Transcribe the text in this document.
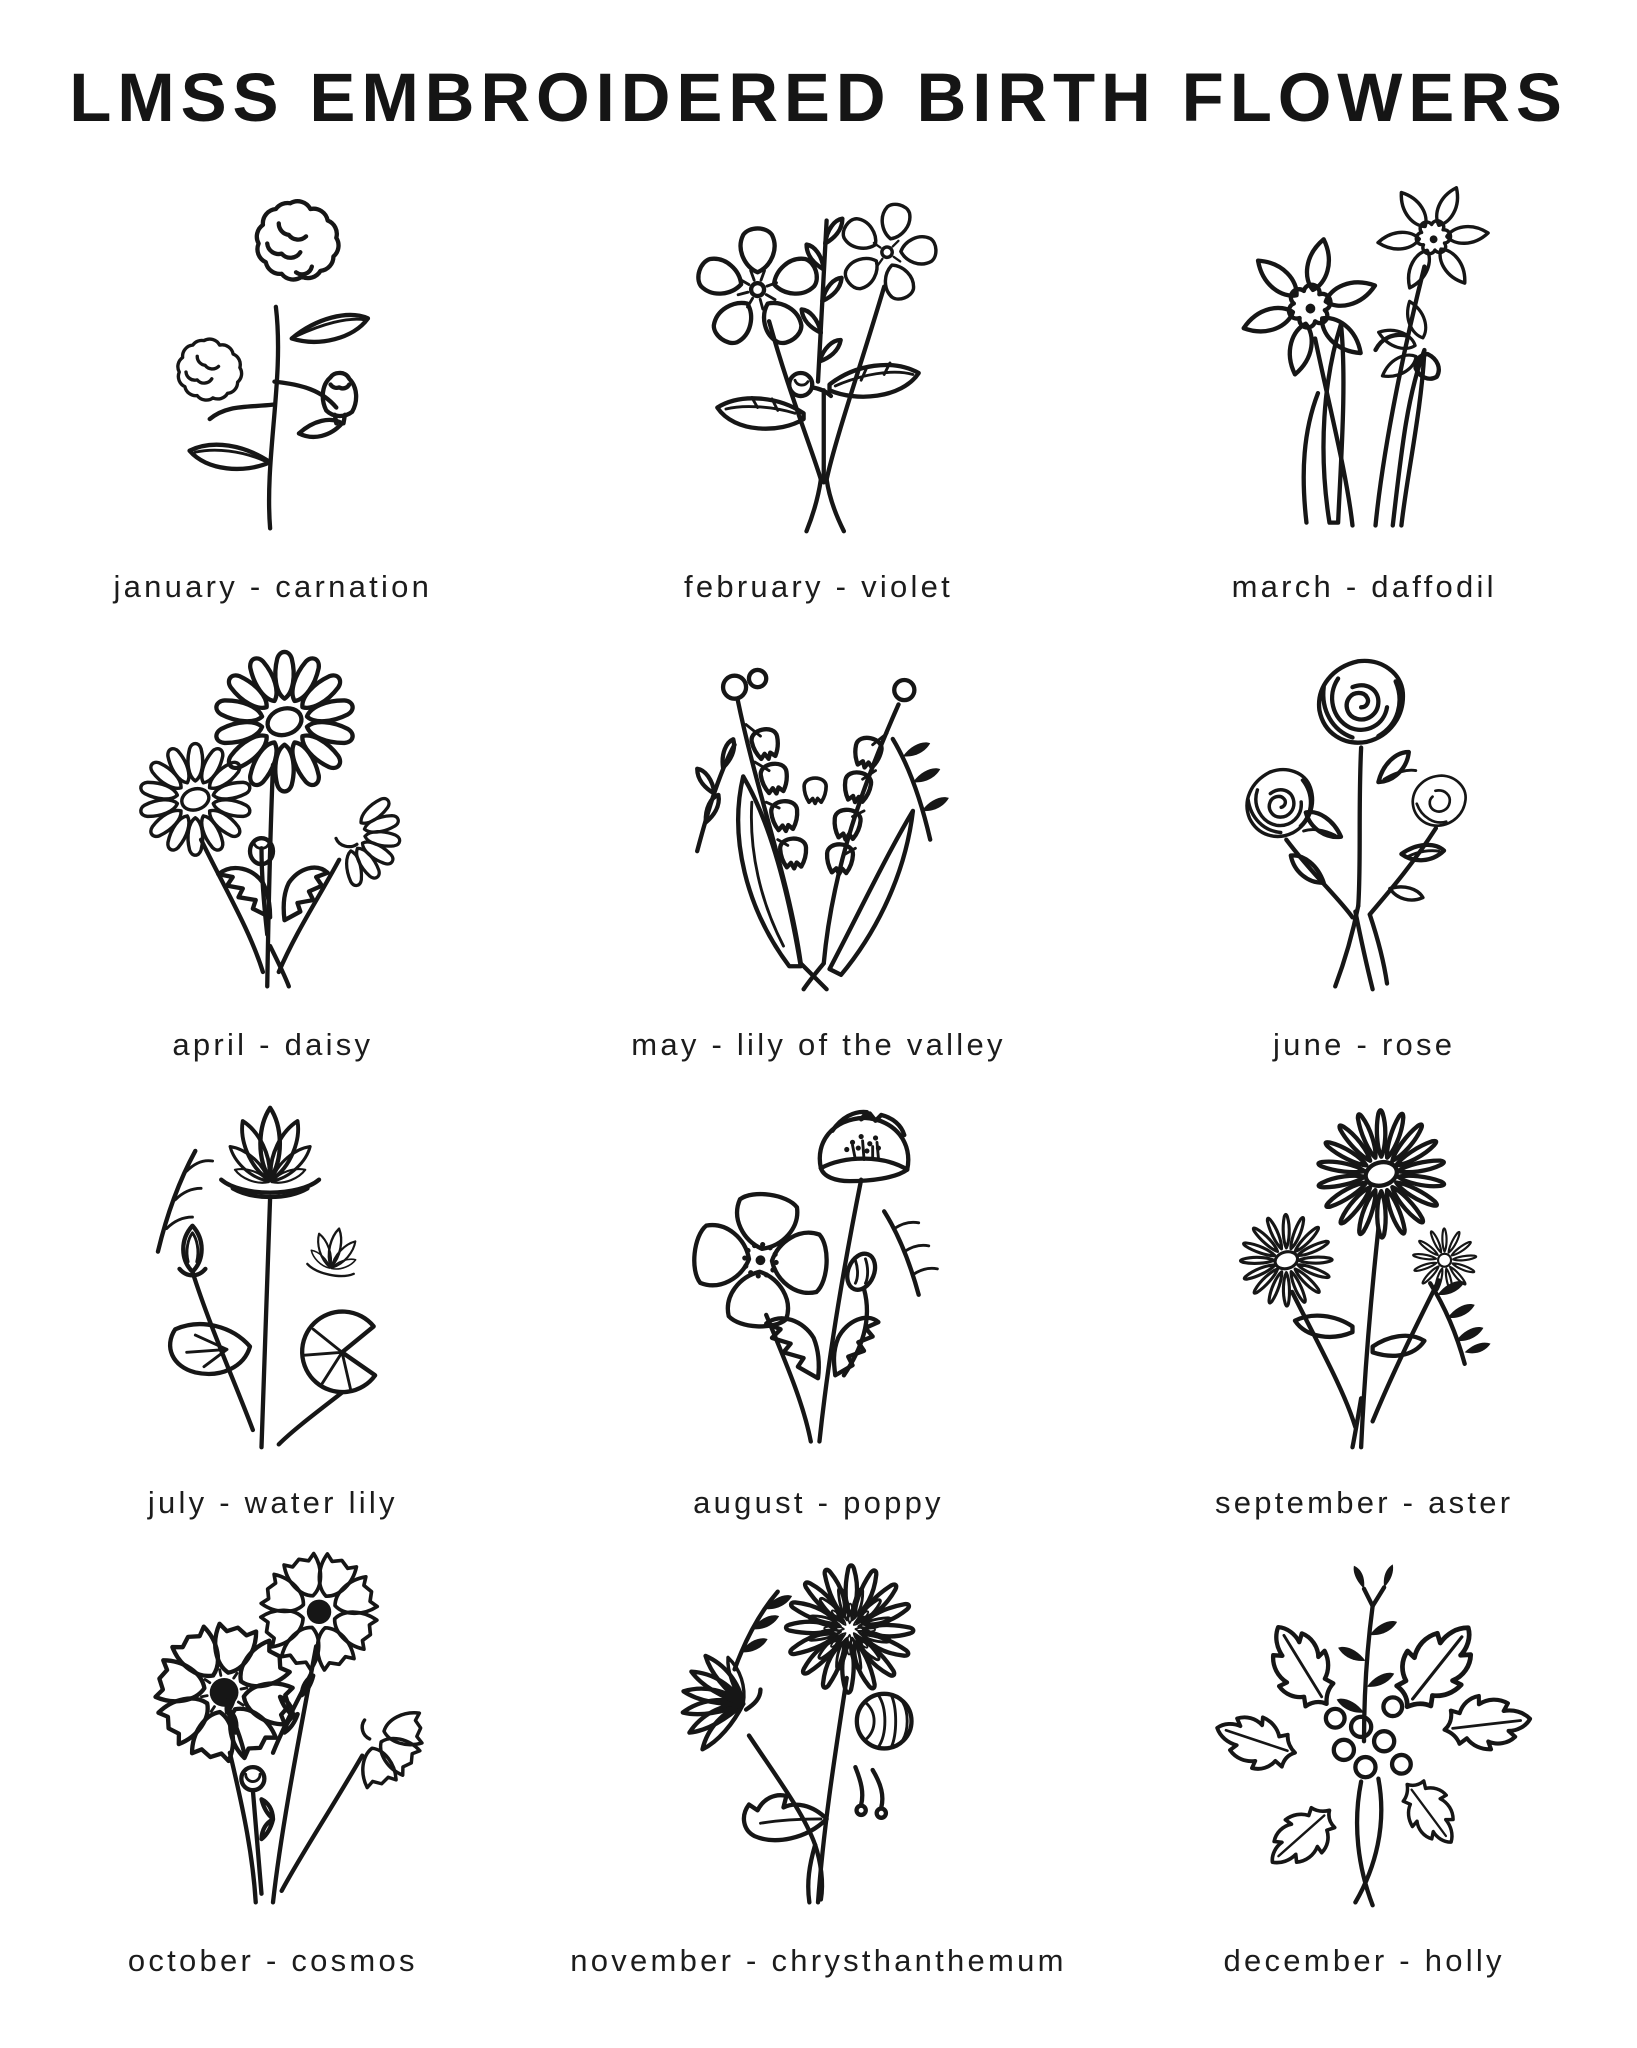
LMSS EMBROIDERED BIRTH FLOWERS
january - carnation	february - violet	march - daffodil
april - daisy	may - lily of the valley	june - rose
july - water lily	august - poppy	september - aster
october - cosmos	november - chrysthanthemum	december - holly
